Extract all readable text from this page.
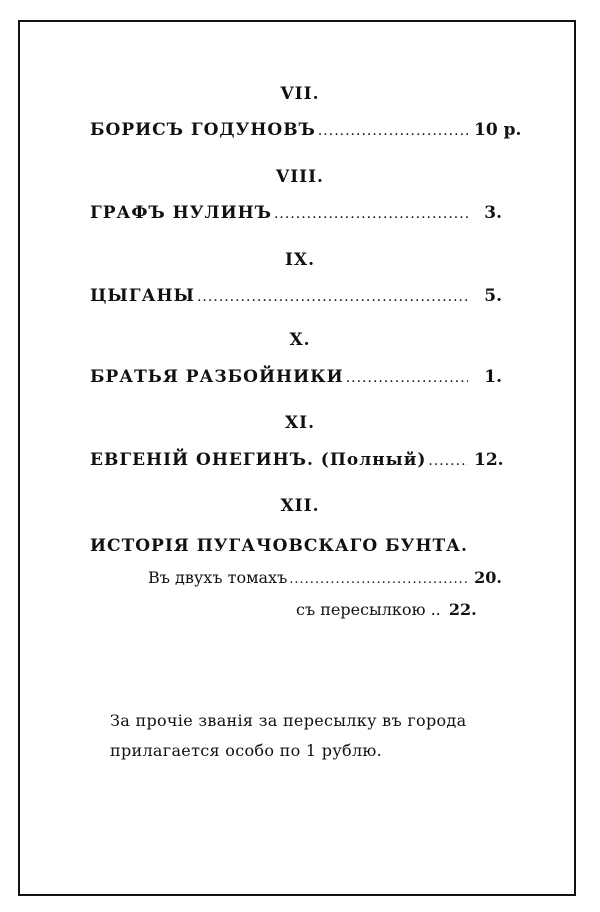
VII.
БОРИСЪ ГОДУНОВЪ .....	10 р.
VIII.
ГРАФЪ НУЛИНЪ .....	3.
IX.
ЦЫГАНЫ .....	5.
X.
БРАТЬЯ РАЗБОЙНИКИ .....	1.
XI.
ЕВГЕНІЙ ОНЕГИНЪ. (Полный) .....	12.
XII.
ИСТОРІЯ ПУГАЧОВСКАГО БУНТА.
Въ двухъ томахъ .....	20.
съ пересылкою .. 22.
За прочіе званія за пересылку въ города
прилагается особо по 1 рублю.
